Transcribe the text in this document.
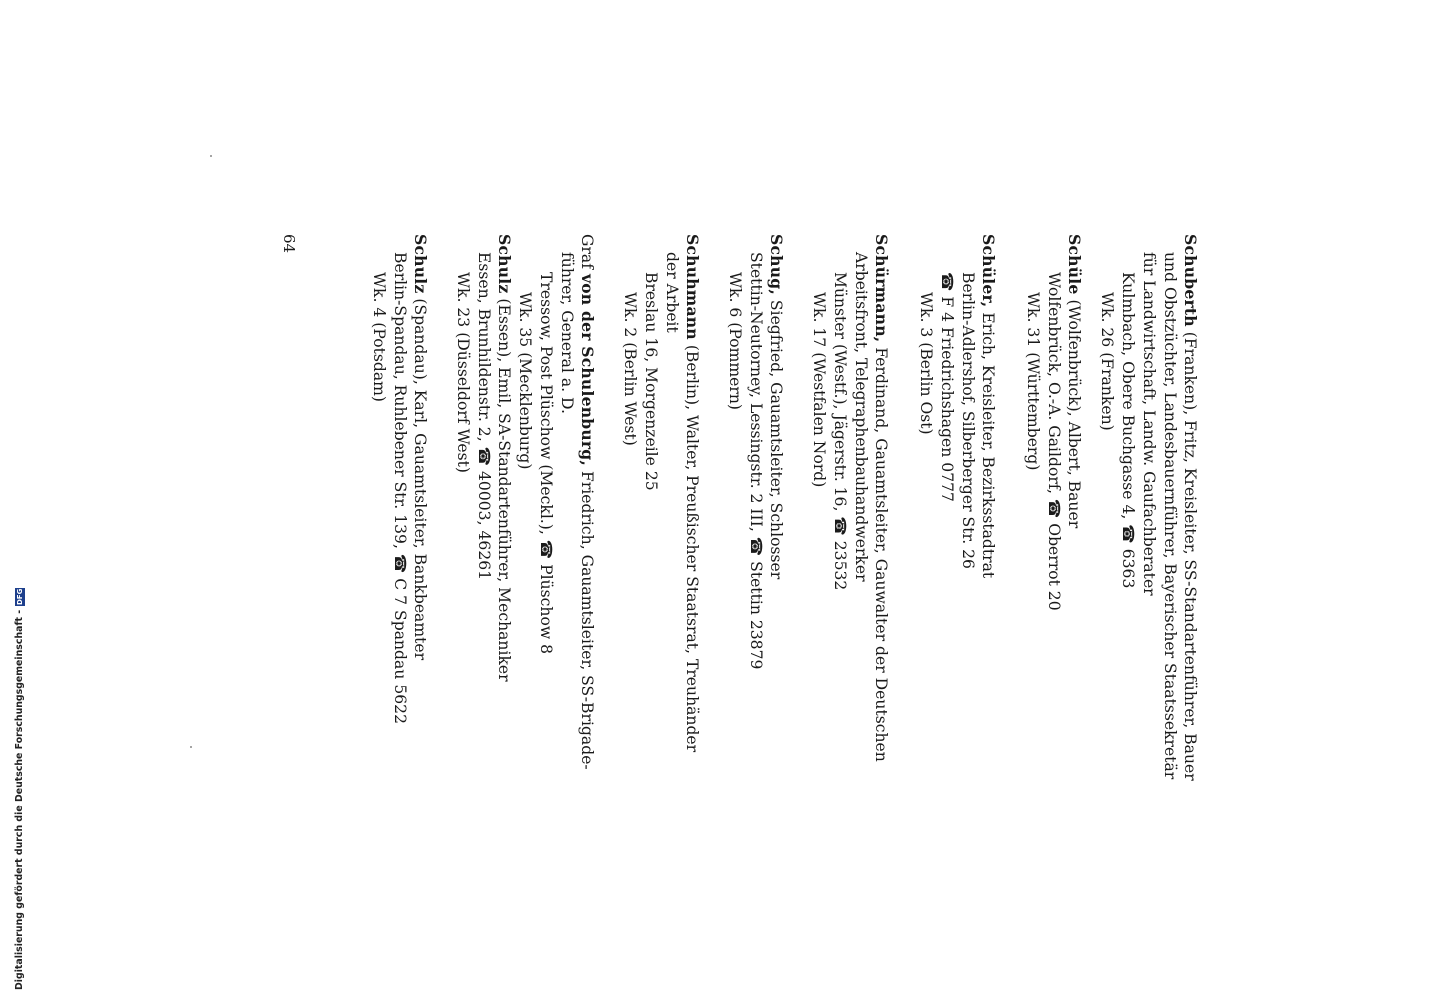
Schuberth (Franken), Fritz, Kreisleiter, SS-Standartenführer, Bauer
und Obstzüchter, Landesbauernführer, Bayerischer Staatssekretär
für Landwirtschaft, Landw. Gaufachberater
Kulmbach, Obere Buchgasse 4, ☎ 6363
Wk. 26 (Franken)
Schüle (Wolfenbrück), Albert, Bauer
Wolfenbrück, O.-A. Gaildorf, ☎ Oberrot 20
Wk. 31 (Württemberg)
Schüler, Erich, Kreisleiter, Bezirksstadtrat
Berlin-Adlershof, Silberberger Str. 26
☎ F 4 Friedrichshagen 0777
Wk. 3 (Berlin Ost)
Schürmann, Ferdinand, Gauamtsleiter, Gauwalter der Deutschen
Arbeitsfront, Telegraphenbauhandwerker
Münster (Westf.), Jägerstr. 16, ☎ 23532
Wk. 17 (Westfalen Nord)
Schug, Siegfried, Gauamtsleiter, Schlosser
Stettin-Neutorney, Lessingstr. 2 III, ☎ Stettin 23879
Wk. 6 (Pommern)
Schuhmann (Berlin), Walter, Preußischer Staatsrat, Treuhänder
der Arbeit
Breslau 16, Morgenzeile 25
Wk. 2 (Berlin West)
Graf von der Schulenburg, Friedrich, Gauamtsleiter, SS-Brigade-
führer, General a. D.
Tressow, Post Plüschow (Meckl.), ☎ Plüschow 8
Wk. 35 (Mecklenburg)
Schulz (Essen), Emil, SA-Standartenführer, Mechaniker
Essen, Brunhildenstr. 2, ☎ 40003, 46261
Wk. 23 (Düsseldorf West)
Schulz (Spandau), Karl, Gauamtsleiter, Bankbeamter
Berlin-Spandau, Ruhlebener Str. 139, ☎ C 7 Spandau 5622
Wk. 4 (Potsdam)
64
Digitalisierung gefördert durch die Deutsche Forschungsgemeinschaft -
DFG
